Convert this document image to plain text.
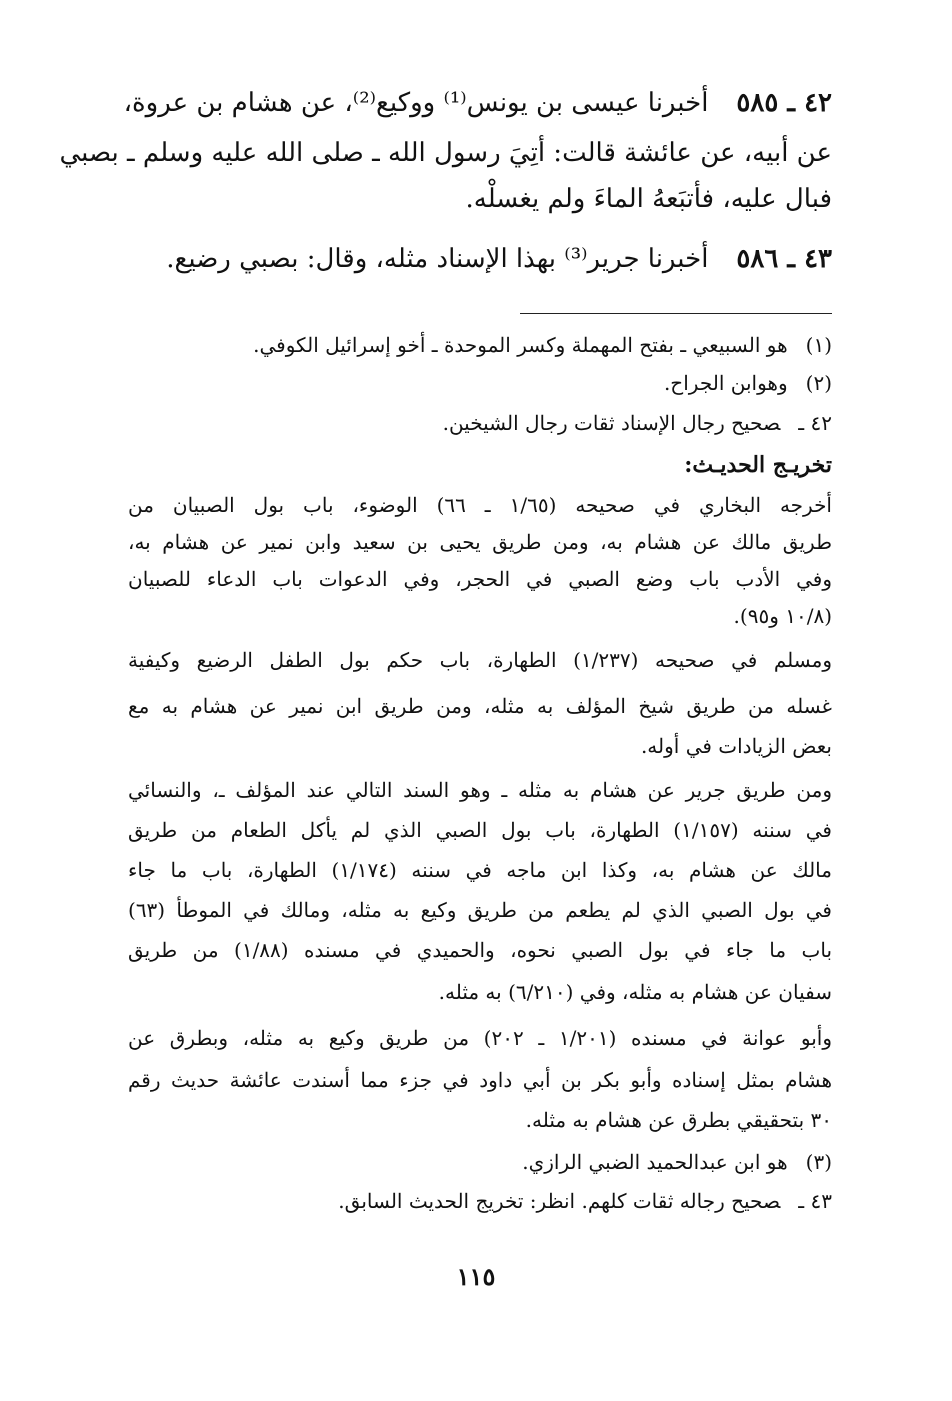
٤٢ ـ ٥٨٥أخبرنا عيسى بن يونس⁽¹⁾ ووكيع⁽²⁾، عن هشام بن عروة،
عن أبيه، عن عائشة قالت: أتِيَ رسول الله ـ صلى الله عليه وسلم ـ بصبي
فبال عليه، فأتبَعهُ الماءَ ولم يغسلْه.
٤٣ ـ ٥٨٦أخبرنا جرير⁽³⁾ بهذا الإسناد مثله، وقال: بصبي رضيع.
(١)هو السبيعي ـ بفتح المهملة وكسر الموحدة ـ أخو إسرائيل الكوفي.
(٢)وهوابن الجراح.
٤٢ ـصحيح رجال الإسناد ثقات رجال الشيخين.
تخريـج الحديـث:
أخرجه البخاري في صحيحه (١/٦٥ ـ ٦٦) الوضوء، باب بول الصبيان من
طريق مالك عن هشام به، ومن طريق يحيى بن سعيد وابن نمير عن هشام به،
وفي الأدب باب وضع الصبي في الحجر، وفي الدعوات باب الدعاء للصبيان
(١٠/٨ و٩٥).
ومسلم في صحيحه (١/٢٣٧) الطهارة، باب حكم بول الطفل الرضيع وكيفية
غسله من طريق شيخ المؤلف به مثله، ومن طريق ابن نمير عن هشام به مع
بعض الزيادات في أوله.
ومن طريق جرير عن هشام به مثله ـ وهو السند التالي عند المؤلف ـ، والنسائي
في سننه (١/١٥٧) الطهارة، باب بول الصبي الذي لم يأكل الطعام من طريق
مالك عن هشام به، وكذا ابن ماجه في سننه (١/١٧٤) الطهارة، باب ما جاء
في بول الصبي الذي لم يطعم من طريق وكيع به مثله، ومالك في الموطأ (٦٣)
باب ما جاء في بول الصبي نحوه، والحميدي في مسنده (١/٨٨) من طريق
سفيان عن هشام به مثله، وفي (٦/٢١٠) به مثله.
وأبو عوانة في مسنده (١/٢٠١ ـ ٢٠٢) من طريق وكيع به مثله، وبطرق عن
هشام بمثل إسناده وأبو بكر بن أبي داود في جزء مما أسندت عائشة حديث رقم
٣٠ بتحقيقي بطرق عن هشام به مثله.
(٣)هو ابن عبدالحميد الضبي الرازي.
٤٣ ـصحيح رجاله ثقات كلهم. انظر: تخريج الحديث السابق.
١١٥
